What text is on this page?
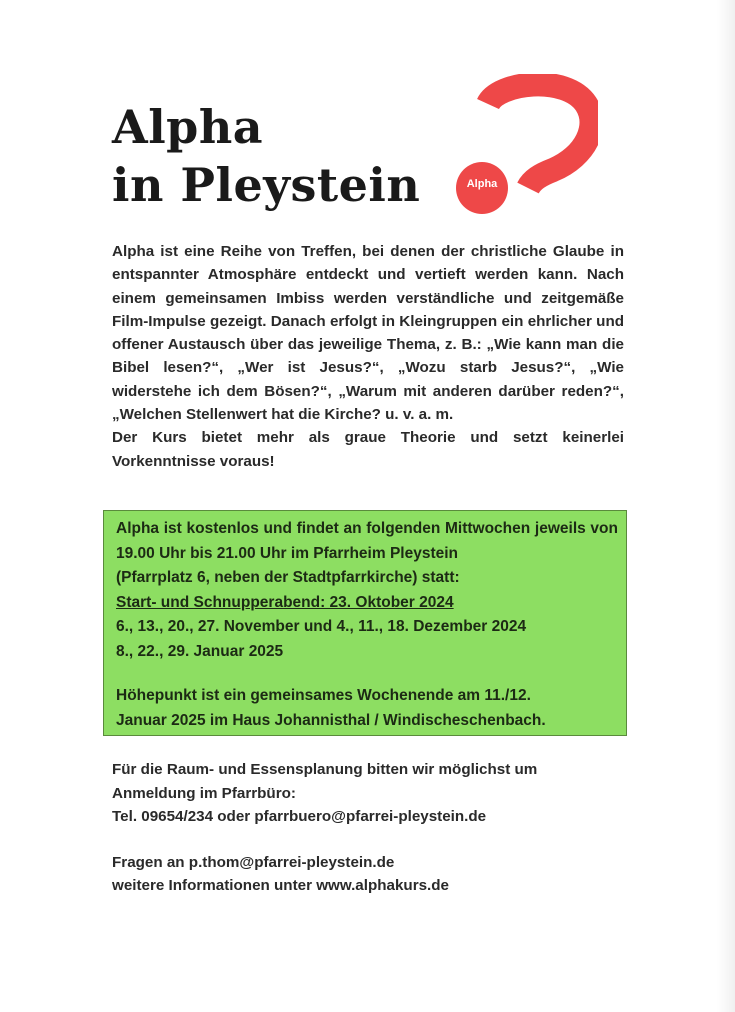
Alpha
in Pleystein	Alpha

Alpha ist eine Reihe von Treffen, bei denen der christliche Glaube in entspannter Atmosphäre entdeckt und vertieft werden kann. Nach einem gemeinsamen Imbiss werden verständliche und zeitgemäße Film-Impulse gezeigt. Danach erfolgt in Kleingruppen ein ehrlicher und offener Austausch über das jeweilige Thema, z. B.: „Wie kann man die Bibel lesen?“, „Wer ist Jesus?“, „Wozu starb Jesus?“, „Wie widerstehe ich dem Bösen?“, „Warum mit anderen darüber reden?“, „Welchen Stellenwert hat die Kirche? u. v. a. m.

Der Kurs bietet mehr als graue Theorie und setzt keinerlei Vorkenntnisse voraus!

Alpha ist kostenlos und findet an folgenden Mittwochen jeweils von 19.00 Uhr bis 21.00 Uhr im Pfarrheim Pleystein
(Pfarrplatz 6, neben der Stadtpfarrkirche) statt:
Start- und Schnupperabend: 23. Oktober 2024
6., 13., 20., 27. November und 4., 11., 18. Dezember 2024
8., 22., 29. Januar 2025
Höhepunkt ist ein gemeinsames Wochenende am 11./12.
Januar 2025 im Haus Johannisthal / Windischeschenbach.
Für die Raum- und Essensplanung bitten wir möglichst um
Anmeldung im Pfarrbüro:
Tel. 09654/234 oder pfarrbuero@pfarrei-pleystein.de
Fragen an p.thom@pfarrei-pleystein.de
weitere Informationen unter www.alphakurs.de
